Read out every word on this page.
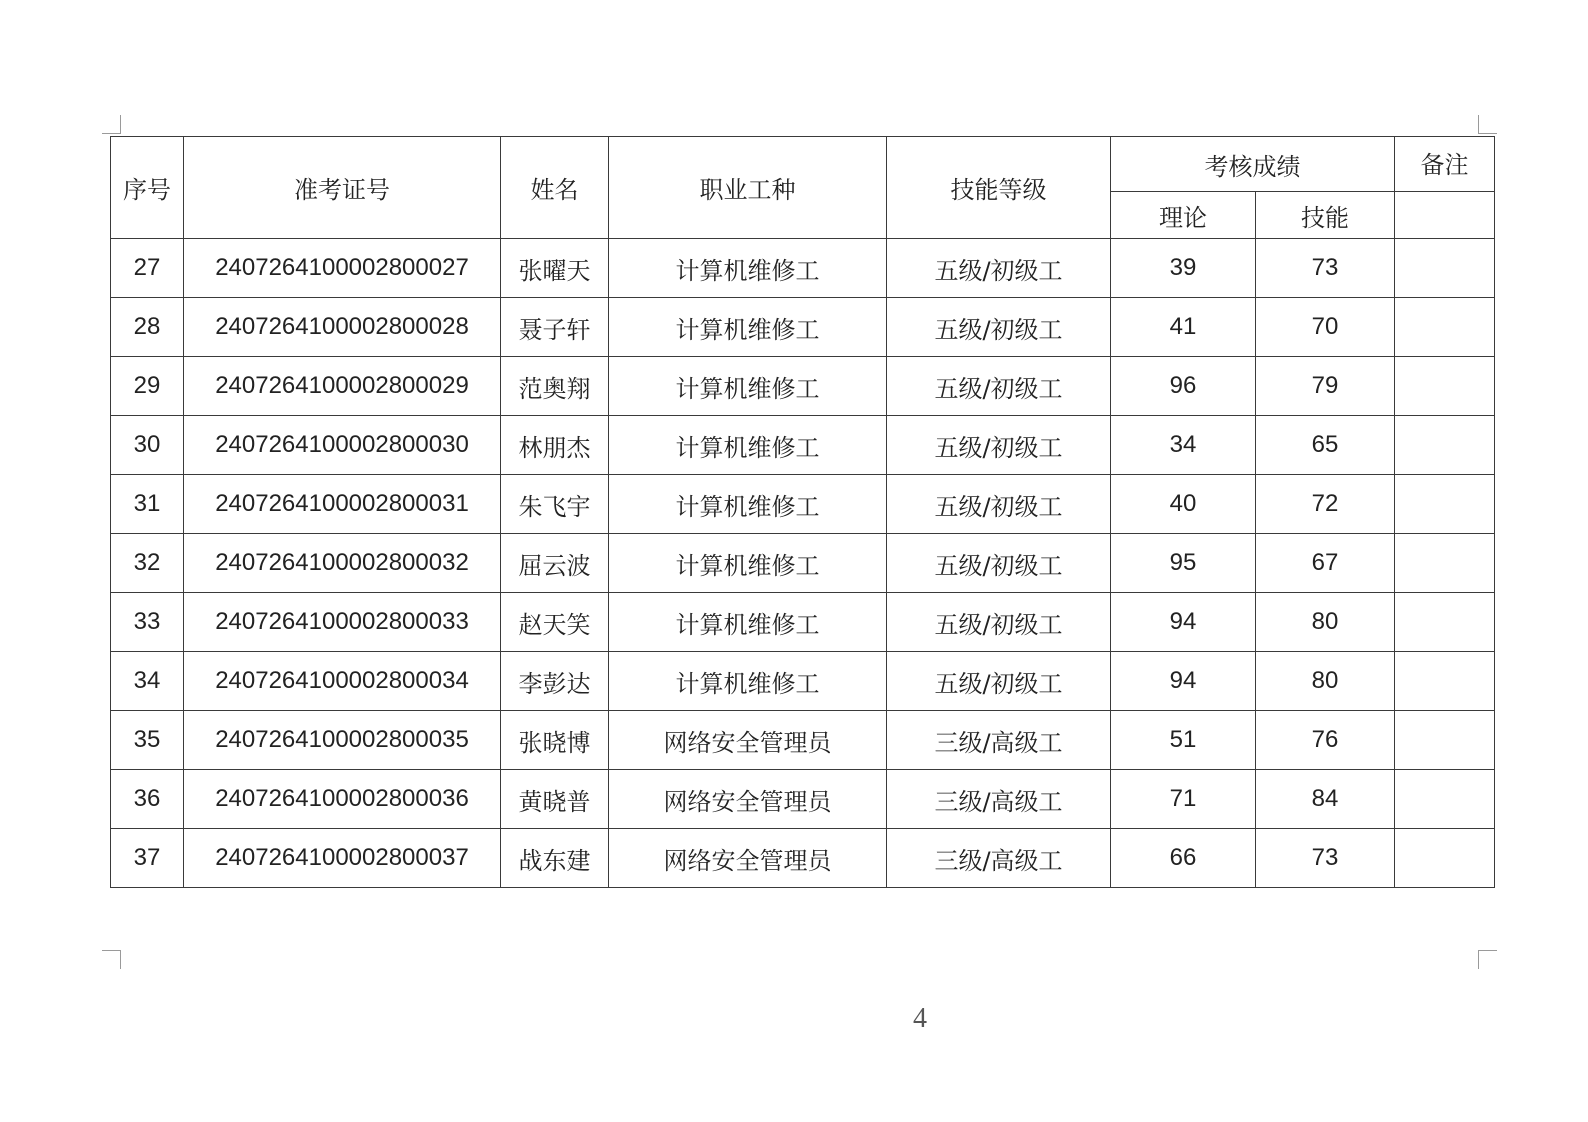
序号	准考证号	姓名	职业工种	技能等级	考核成绩		备注
					理论	技能	
27	2407264100002800027	张曜天	计算机维修工	五级/初级工	39	73	
28	2407264100002800028	聂子轩	计算机维修工	五级/初级工	41	70	
29	2407264100002800029	范奥翔	计算机维修工	五级/初级工	96	79	
30	2407264100002800030	林朋杰	计算机维修工	五级/初级工	34	65	
31	2407264100002800031	朱飞宇	计算机维修工	五级/初级工	40	72	
32	2407264100002800032	屈云波	计算机维修工	五级/初级工	95	67	
33	2407264100002800033	赵天笑	计算机维修工	五级/初级工	94	80	
34	2407264100002800034	李彭达	计算机维修工	五级/初级工	94	80	
35	2407264100002800035	张晓博	网络安全管理员	三级/高级工	51	76	
36	2407264100002800036	黄晓普	网络安全管理员	三级/高级工	71	84	
37	2407264100002800037	战东建	网络安全管理员	三级/高级工	66	73	
4
